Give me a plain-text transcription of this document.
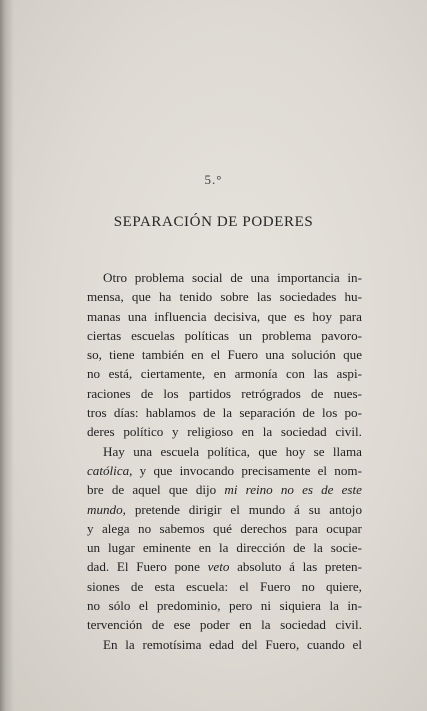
5.°
SEPARACIÓN DE PODERES
Otro problema social de una importancia in-
mensa, que ha tenido sobre las sociedades hu-
manas una influencia decisiva, que es hoy para
ciertas escuelas políticas un problema pavoro-
so, tiene también en el Fuero una solución que
no está, ciertamente, en armonía con las aspi-
raciones de los partidos retrógrados de nues-
tros días: hablamos de la separación de los po-
deres político y religioso en la sociedad civil.
Hay una escuela política, que hoy se llama
católica, y que invocando precisamente el nom-
bre de aquel que dijo mi reino no es de este
mundo, pretende dirigir el mundo á su antojo
y alega no sabemos qué derechos para ocupar
un lugar eminente en la dirección de la socie-
dad. El Fuero pone veto absoluto á las preten-
siones de esta escuela: el Fuero no quiere,
no sólo el predominio, pero ni siquiera la in-
tervención de ese poder en la sociedad civil.
En la remotísima edad del Fuero, cuando el
